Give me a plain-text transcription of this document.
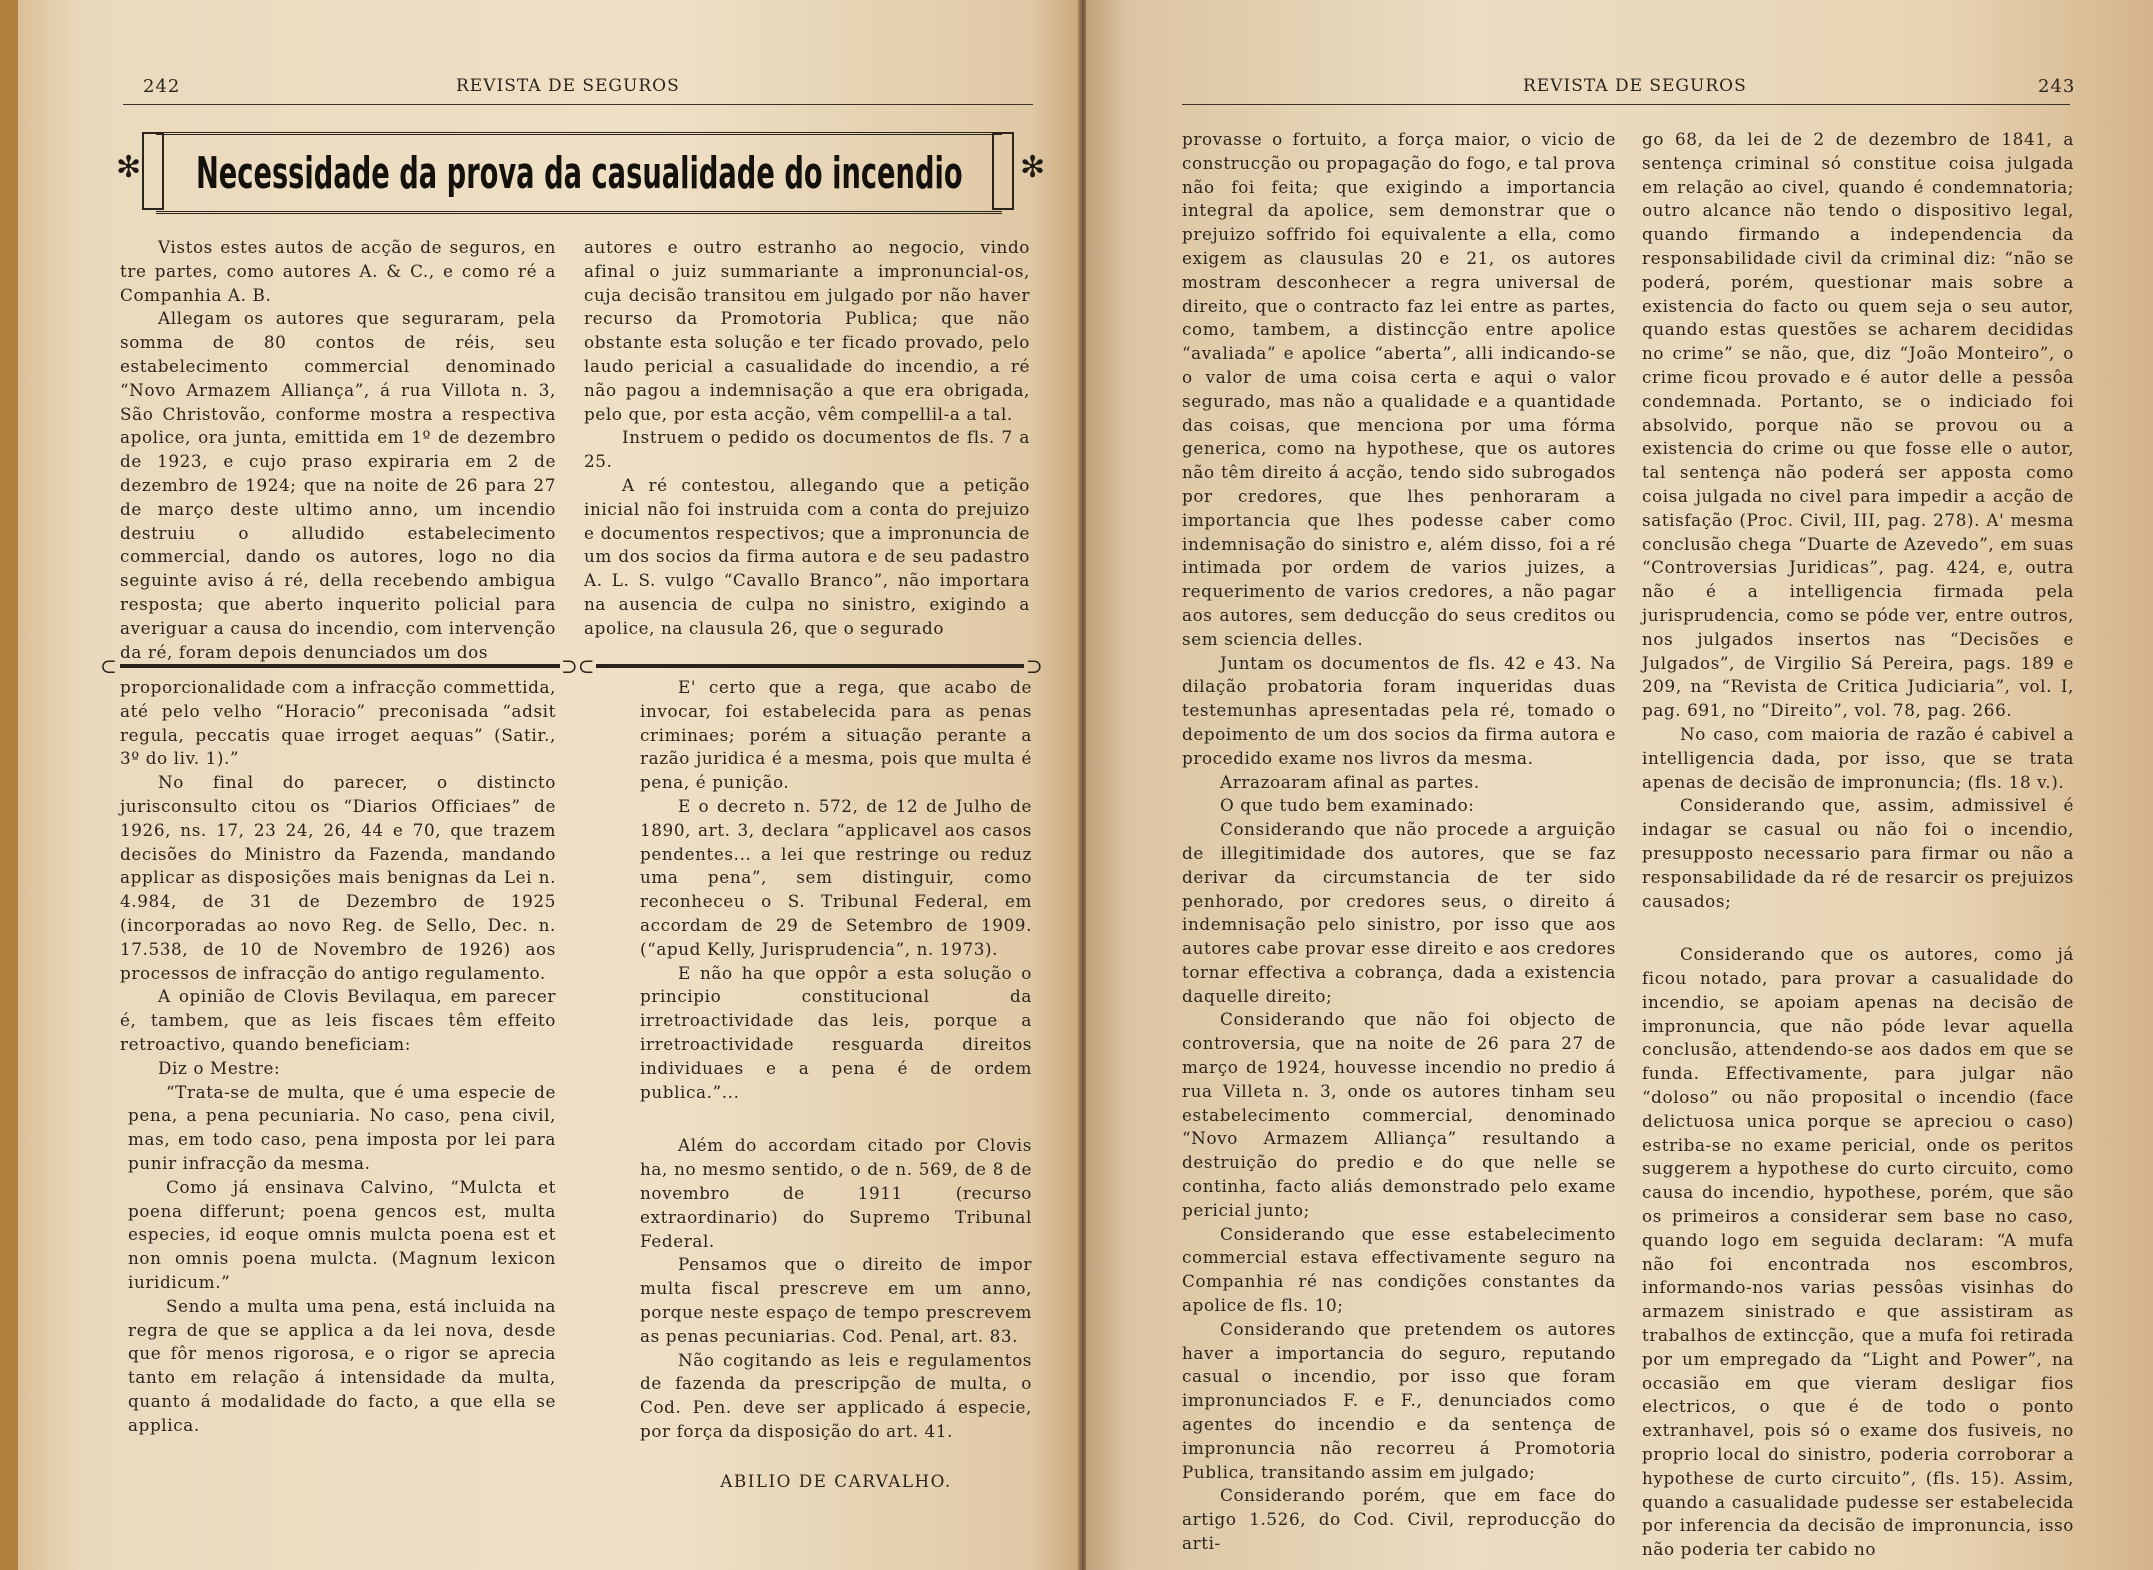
242	REVISTA DE SEGUROS
✻ Necessidade da prova da casualidade do incendio ✻

Vistos estes autos de acção de seguros, en tre partes, como autores A. & C., e como ré a Companhia A. B.

Allegam os autores que seguraram, pela somma de 80 contos de réis, seu estabelecimento commercial denominado “Novo Armazem Alliança”, á rua Villota n. 3, São Christovão, conforme mostra a respectiva apolice, ora junta, emittida em 1º de dezembro de 1923, e cujo praso expiraria em 2 de dezembro de 1924; que na noite de 26 para 27 de março deste ultimo anno, um incendio destruiu o alludido estabelecimento commercial, dando os autores, logo no dia seguinte aviso á ré, della recebendo ambigua resposta; que aberto inquerito policial para averiguar a causa do incendio, com intervenção da ré, foram depois denunciados um dos

autores e outro estranho ao negocio, vindo afinal o juiz summariante a impronuncial-os, cuja decisão transitou em julgado por não haver recurso da Promotoria Publica; que não obstante esta solução e ter ficado provado, pelo laudo pericial a casualidade do incendio, a ré não pagou a indemnisação a que era obrigada, pelo que, por esta acção, vêm compellil-a a tal.

Instruem o pedido os documentos de fls. 7 a 25.

A ré contestou, allegando que a petição inicial não foi instruida com a conta do prejuizo e documentos respectivos; que a impronuncia de um dos socios da firma autora e de seu padastro A. L. S. vulgo “Cavallo Branco”, não importara na ausencia de culpa no sinistro, exigindo a apolice, na clausula 26, que o segurado

⊂	⊃⊂	⊃

proporcionalidade com a infracção commettida, até pelo velho “Horacio” preconisada “adsit regula, peccatis quae irroget aequas” (Satir., 3º do liv. 1).”

No final do parecer, o distincto jurisconsulto citou os “Diarios Officiaes” de 1926, ns. 17, 23 24, 26, 44 e 70, que trazem decisões do Ministro da Fazenda, mandando applicar as disposições mais benignas da Lei n. 4.984, de 31 de Dezembro de 1925 (incorporadas ao novo Reg. de Sello, Dec. n. 17.538, de 10 de Novembro de 1926) aos processos de infracção do antigo regulamento.

A opinião de Clovis Bevilaqua, em parecer é, tambem, que as leis fiscaes têm effeito retroactivo, quando beneficiam:

Diz o Mestre:

“Trata-se de multa, que é uma especie de pena, a pena pecuniaria. No caso, pena civil, mas, em todo caso, pena imposta por lei para punir infracção da mesma.

Como já ensinava Calvino, “Mulcta et poena differunt; poena gencos est, multa especies, id eoque omnis mulcta poena est et non omnis poena mulcta. (Magnum lexicon iuridicum.”

Sendo a multa uma pena, está incluida na regra de que se applica a da lei nova, desde que fôr menos rigorosa, e o rigor se aprecia tanto em relação á intensidade da multa, quanto á modalidade do facto, a que ella se applica.

E' certo que a rega, que acabo de invocar, foi estabelecida para as penas criminaes; porém a situação perante a razão juridica é a mesma, pois que multa é pena, é punição.

E o decreto n. 572, de 12 de Julho de 1890, art. 3, declara “applicavel aos casos pendentes... a lei que restringe ou reduz uma pena”, sem distinguir, como reconheceu o S. Tribunal Federal, em accordam de 29 de Setembro de 1909. (“apud Kelly, Jurisprudencia”, n. 1973).

E não ha que oppôr a esta solução o principio constitucional da irretroactividade das leis, porque a irretroactividade resguarda direitos individuaes e a pena é de ordem publica.”...

Além do accordam citado por Clovis ha, no mesmo sentido, o de n. 569, de 8 de novembro de 1911 (recurso extraordinario) do Supremo Tribunal Federal.

Pensamos que o direito de impor multa fiscal prescreve em um anno, porque neste espaço de tempo prescrevem as penas pecuniarias. Cod. Penal, art. 83.

Não cogitando as leis e regulamentos de fazenda da prescripção de multa, o Cod. Pen. deve ser applicado á especie, por força da disposição do art. 41.

ABILIO DE CARVALHO.

REVISTA DE SEGUROS	243

provasse o fortuito, a força maior, o vicio de construcção ou propagação do fogo, e tal prova não foi feita; que exigindo a importancia integral da apolice, sem demonstrar que o prejuizo soffrido foi equivalente a ella, como exigem as clausulas 20 e 21, os autores mostram desconhecer a regra universal de direito, que o contracto faz lei entre as partes, como, tambem, a distincção entre apolice “avaliada” e apolice “aberta”, alli indicando-se o valor de uma coisa certa e aqui o valor segurado, mas não a qualidade e a quantidade das coisas, que menciona por uma fórma generica, como na hypothese, que os autores não têm direito á acção, tendo sido subrogados por credores, que lhes penhoraram a importancia que lhes podesse caber como indemnisação do sinistro e, além disso, foi a ré intimada por ordem de varios juizes, a requerimento de varios credores, a não pagar aos autores, sem deducção do seus creditos ou sem sciencia delles.

Juntam os documentos de fls. 42 e 43. Na dilação probatoria foram inqueridas duas testemunhas apresentadas pela ré, tomado o depoimento de um dos socios da firma autora e procedido exame nos livros da mesma.

Arrazoaram afinal as partes.

O que tudo bem examinado:

Considerando que não procede a arguição de illegitimidade dos autores, que se faz derivar da circumstancia de ter sido penhorado, por credores seus, o direito á indemnisação pelo sinistro, por isso que aos autores cabe provar esse direito e aos credores tornar effectiva a cobrança, dada a existencia daquelle direito;

Considerando que não foi objecto de controversia, que na noite de 26 para 27 de março de 1924, houvesse incendio no predio á rua Villeta n. 3, onde os autores tinham seu estabelecimento commercial, denominado “Novo Armazem Alliança” resultando a destruição do predio e do que nelle se continha, facto aliás demonstrado pelo exame pericial junto;

Considerando que esse estabelecimento commercial estava effectivamente seguro na Companhia ré nas condições constantes da apolice de fls. 10;

Considerando que pretendem os autores haver a importancia do seguro, reputando casual o incendio, por isso que foram impronunciados F. e F., denunciados como agentes do incendio e da sentença de impronuncia não recorreu á Promotoria Publica, transitando assim em julgado;

Considerando porém, que em face do artigo 1.526, do Cod. Civil, reproducção do arti-

go 68, da lei de 2 de dezembro de 1841, a sentença criminal só constitue coisa julgada em relação ao civel, quando é condemnatoria; outro alcance não tendo o dispositivo legal, quando firmando a independencia da responsabilidade civil da criminal diz: “não se poderá, porém, questionar mais sobre a existencia do facto ou quem seja o seu autor, quando estas questões se acharem decididas no crime” se não, que, diz “João Monteiro”, o crime ficou provado e é autor delle a pessôa condemnada. Portanto, se o indiciado foi absolvido, porque não se provou ou a existencia do crime ou que fosse elle o autor, tal sentença não poderá ser apposta como coisa julgada no civel para impedir a acção de satisfação (Proc. Civil, III, pag. 278). A' mesma conclusão chega “Duarte de Azevedo”, em suas “Controversias Juridicas”, pag. 424, e, outra não é a intelligencia firmada pela jurisprudencia, como se póde ver, entre outros, nos julgados insertos nas “Decisões e Julgados”, de Virgilio Sá Pereira, pags. 189 e 209, na “Revista de Critica Judiciaria”, vol. I, pag. 691, no “Direito”, vol. 78, pag. 266.

No caso, com maioria de razão é cabivel a intelligencia dada, por isso, que se trata apenas de decisão de impronuncia; (fls. 18 v.).

Considerando que, assim, admissivel é indagar se casual ou não foi o incendio, presupposto necessario para firmar ou não a responsabilidade da ré de resarcir os prejuizos causados;

Considerando que os autores, como já ficou notado, para provar a casualidade do incendio, se apoiam apenas na decisão de impronuncia, que não póde levar aquella conclusão, attendendo-se aos dados em que se funda. Effectivamente, para julgar não “doloso” ou não proposital o incendio (face delictuosa unica porque se apreciou o caso) estriba-se no exame pericial, onde os peritos suggerem a hypothese do curto circuito, como causa do incendio, hypothese, porém, que são os primeiros a considerar sem base no caso, quando logo em seguida declaram: “A mufa não foi encontrada nos escombros, informando-nos varias pessôas visinhas do armazem sinistrado e que assistiram as trabalhos de extincção, que a mufa foi retirada por um empregado da “Light and Power”, na occasião em que vieram desligar fios electricos, o que é de todo o ponto extranhavel, pois só o exame dos fusiveis, no proprio local do sinistro, poderia corroborar a hypothese de curto circuito”, (fls. 15). Assim, quando a casualidade pudesse ser estabelecida por inferencia da decisão de impronuncia, isso não poderia ter cabido no
